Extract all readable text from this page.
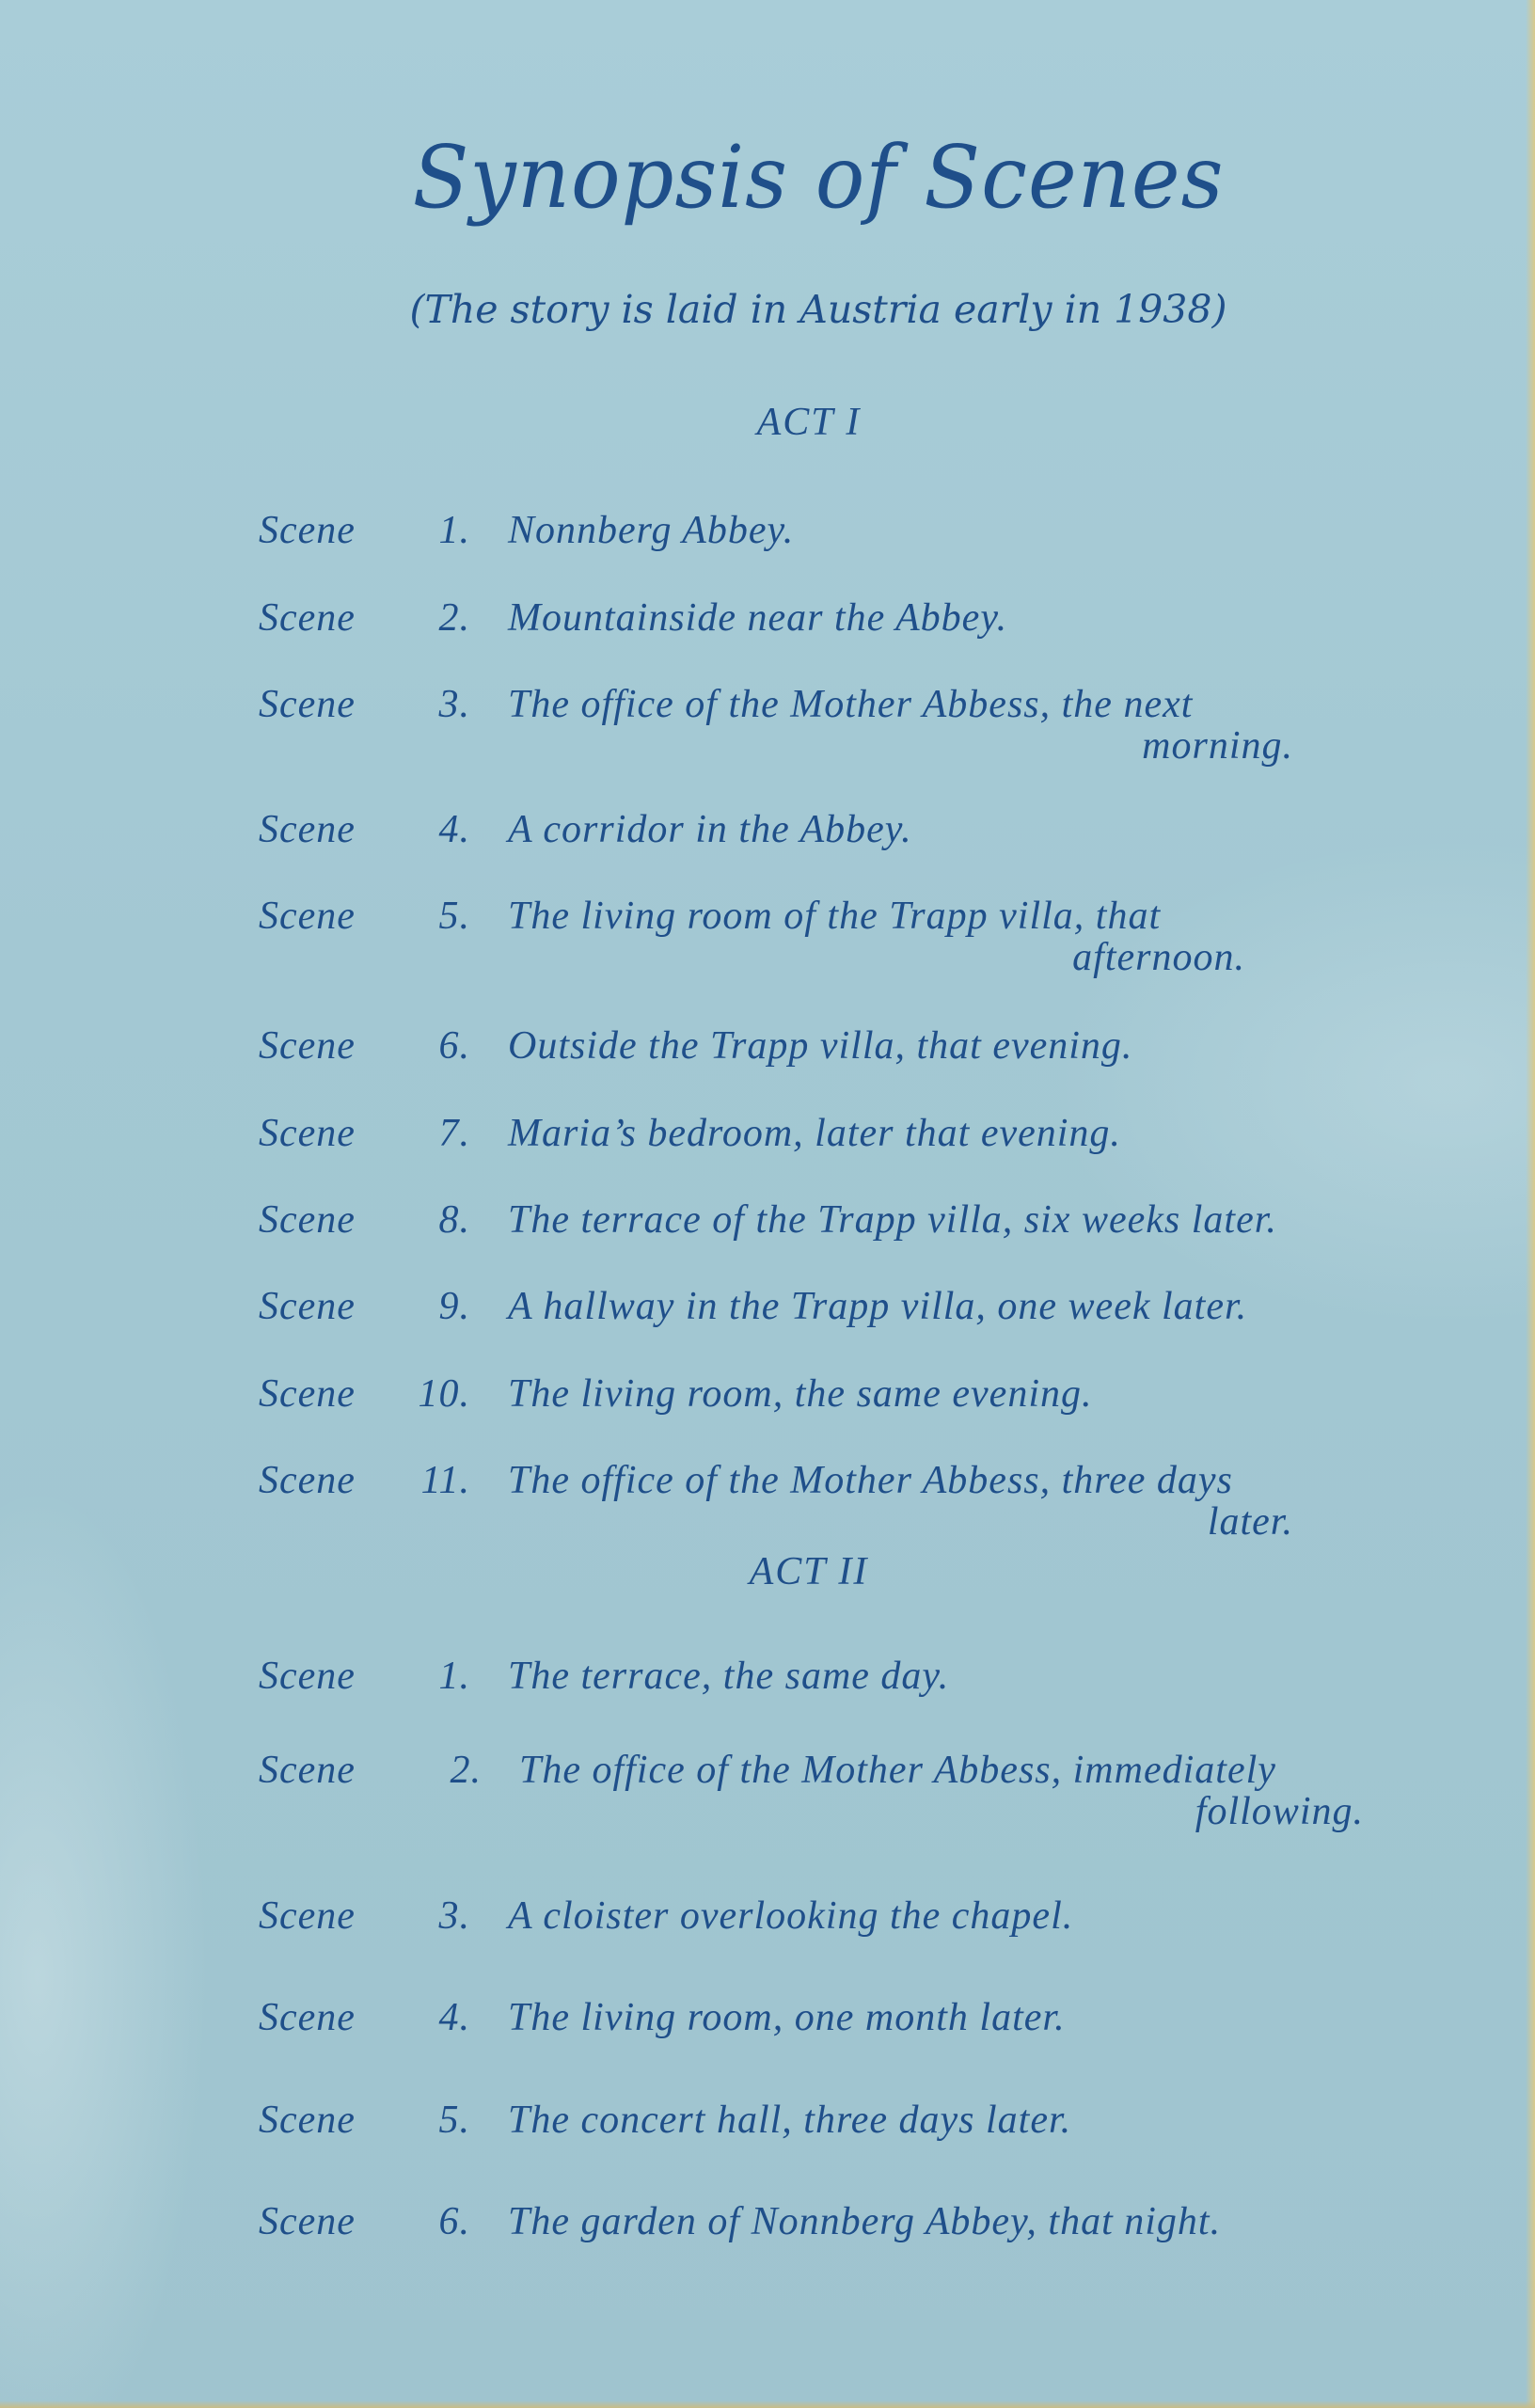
Synopsis of Scenes
(The story is laid in Austria early in 1938)
ACT I
Scene	1. Nonnberg Abbey.
Scene	2. Mountainside near the Abbey.
Scene	3. The office of the Mother Abbess, the next
morning.
Scene	4. A corridor in the Abbey.
Scene	5. The living room of the Trapp villa, that
afternoon.
Scene	6. Outside the Trapp villa, that evening.
Scene	7. Maria’s bedroom, later that evening.
Scene	8. The terrace of the Trapp villa, six weeks later.
Scene	9. A hallway in the Trapp villa, one week later.
Scene	10. The living room, the same evening.
Scene	11. The office of the Mother Abbess, three days
later.
ACT II
Scene	1. The terrace, the same day.
Scene	2. The office of the Mother Abbess, immediately
following.
Scene	3. A cloister overlooking the chapel.
Scene	4. The living room, one month later.
Scene	5. The concert hall, three days later.
Scene	6. The garden of Nonnberg Abbey, that night.
